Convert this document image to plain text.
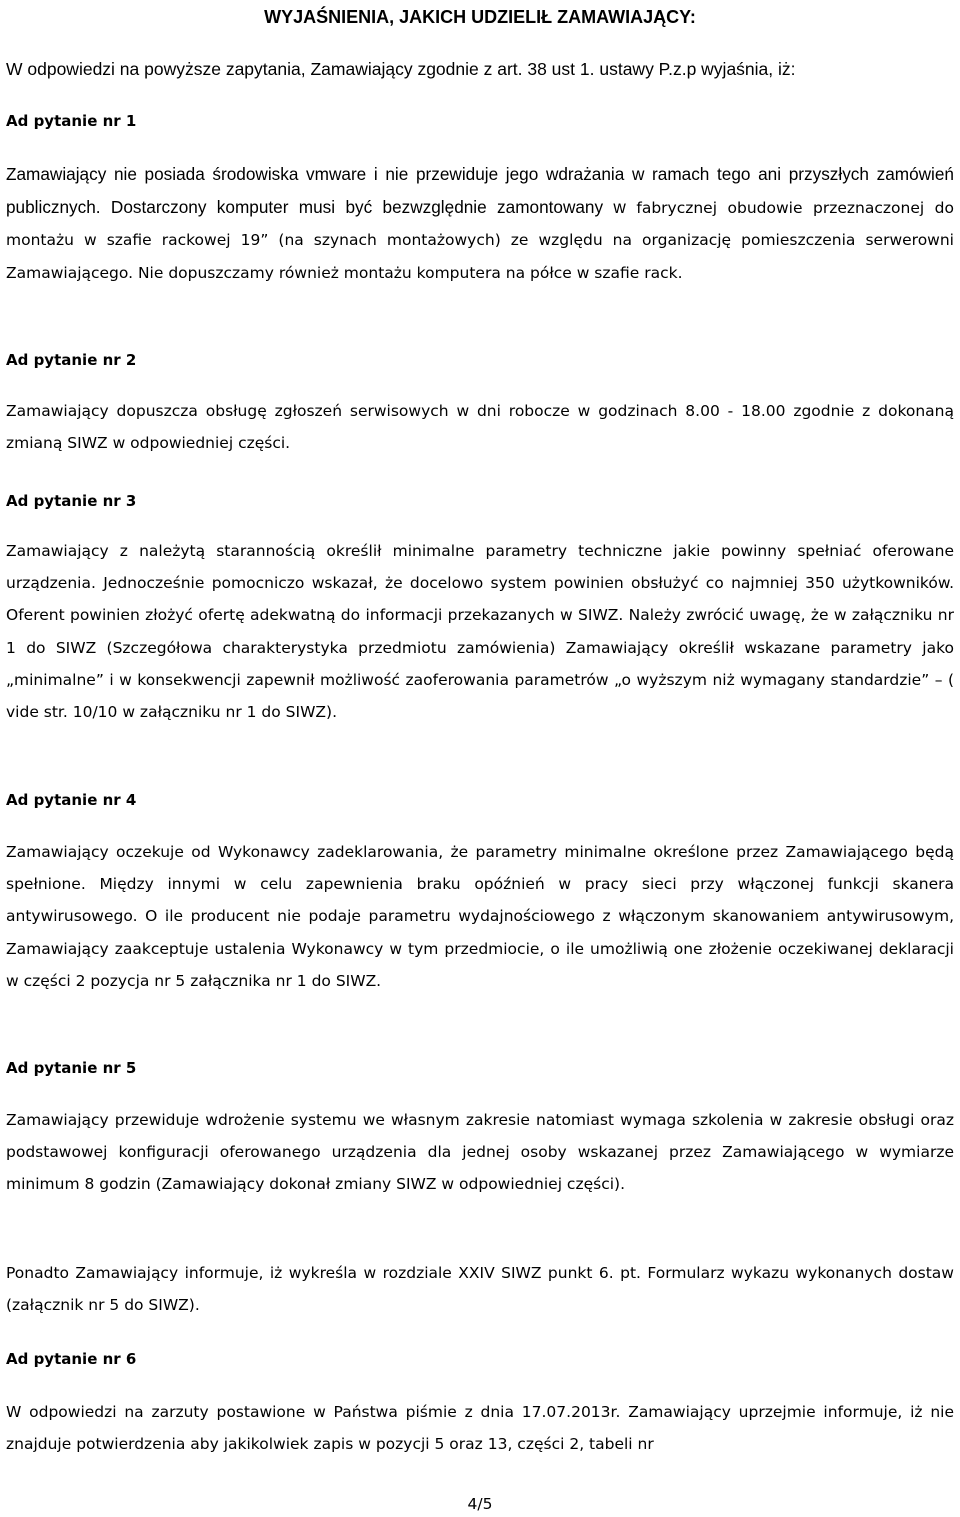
WYJAŚNIENIA, JAKICH UDZIELIŁ ZAMAWIAJĄCY:
W odpowiedzi na powyższe zapytania, Zamawiający zgodnie z art. 38 ust 1. ustawy P.z.p wyjaśnia, iż:
Ad pytanie nr 1

Zamawiający nie posiada środowiska vmware i nie przewiduje jego wdrażania w ramach tego ani przyszłych zamówień publicznych. Dostarczony komputer musi być bezwzględnie zamontowany w fabrycznej obudowie przeznaczonej do montażu w szafie rackowej 19” (na szynach montażowych) ze względu na organizację pomieszczenia serwerowni Zamawiającego. Nie dopuszczamy również montażu komputera na półce w szafie rack.

Ad pytanie nr 2

Zamawiający dopuszcza obsługę zgłoszeń serwisowych w dni robocze w godzinach 8.00 - 18.00 zgodnie z dokonaną zmianą SIWZ w odpowiedniej części.

Ad pytanie nr 3

Zamawiający z należytą starannością określił minimalne parametry techniczne jakie powinny spełniać oferowane urządzenia. Jednocześnie pomocniczo wskazał, że docelowo system powinien obsłużyć co najmniej 350 użytkowników. Oferent powinien złożyć ofertę adekwatną do informacji przekazanych w SIWZ. Należy zwrócić uwagę, że w załączniku nr 1 do SIWZ (Szczegółowa charakterystyka przedmiotu zamówienia) Zamawiający określił wskazane parametry jako „minimalne” i w konsekwencji zapewnił możliwość zaoferowania parametrów „o wyższym niż wymagany standardzie” – ( vide str. 10/10 w załączniku nr 1 do SIWZ).

Ad pytanie nr 4

Zamawiający oczekuje od Wykonawcy zadeklarowania, że parametry minimalne określone przez Zamawiającego będą spełnione. Między innymi w celu zapewnienia braku opóźnień w pracy sieci przy włączonej funkcji skanera antywirusowego. O ile producent nie podaje parametru wydajnościowego z włączonym skanowaniem antywirusowym, Zamawiający zaakceptuje ustalenia Wykonawcy w tym przedmiocie, o ile umożliwią one złożenie oczekiwanej deklaracji w części 2 pozycja nr 5 załącznika nr 1 do SIWZ.

Ad pytanie nr 5

Zamawiający przewiduje wdrożenie systemu we własnym zakresie natomiast wymaga szkolenia w zakresie obsługi oraz podstawowej konfiguracji oferowanego urządzenia dla jednej osoby wskazanej przez Zamawiającego w wymiarze minimum 8 godzin (Zamawiający dokonał zmiany SIWZ w odpowiedniej części).

Ponadto Zamawiający informuje, iż wykreśla w rozdziale XXIV SIWZ punkt 6. pt. Formularz wykazu wykonanych dostaw (załącznik nr 5 do SIWZ).

Ad pytanie nr 6

W odpowiedzi na zarzuty postawione w Państwa piśmie z dnia 17.07.2013r. Zamawiający uprzejmie informuje, iż nie znajduje potwierdzenia aby jakikolwiek zapis w pozycji 5 oraz 13, części 2, tabeli nr

4/5
